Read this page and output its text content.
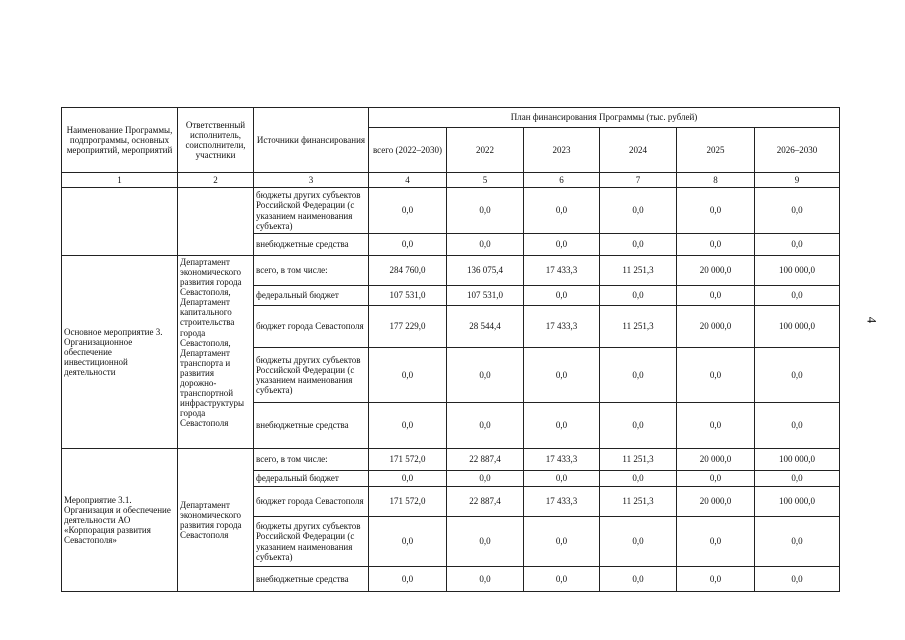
4
Наименование Программы, подпрограммы, основных мероприятий, мероприятий	Ответственный исполнитель, соисполнители, участники	Источники финансирования	План финансирования Программы (тыс. рублей)					
			всего (2022–2030)	2022	2023	2024	2025	2026–2030
1	2	3	4	5	6	7	8	9
		бюджеты других субъектов Российской Федерации (с указанием наименования субъекта)	0,0	0,0	0,0	0,0	0,0	0,0
		внебюджетные средства	0,0	0,0	0,0	0,0	0,0	0,0
Основное мероприятие 3. Организационное обеспечение инвестиционной деятельности	Департамент экономического развития города Севастополя, Департамент капитального строительства города Севастополя, Департамент транспорта и развития дорожно-транспортной инфраструктуры города Севастополя	всего, в том числе:	284 760,0	136 075,4	17 433,3	11 251,3	20 000,0	100 000,0
		федеральный бюджет	107 531,0	107 531,0	0,0	0,0	0,0	0,0
		бюджет города Севастополя	177 229,0	28 544,4	17 433,3	11 251,3	20 000,0	100 000,0
		бюджеты других субъектов Российской Федерации (с указанием наименования субъекта)	0,0	0,0	0,0	0,0	0,0	0,0
		внебюджетные средства	0,0	0,0	0,0	0,0	0,0	0,0
Мероприятие 3.1. Организация и обеспечение деятельности АО «Корпорация развития Севастополя»	Департамент экономического развития города Севастополя	всего, в том числе:	171 572,0	22 887,4	17 433,3	11 251,3	20 000,0	100 000,0
		федеральный бюджет	0,0	0,0	0,0	0,0	0,0	0,0
		бюджет города Севастополя	171 572,0	22 887,4	17 433,3	11 251,3	20 000,0	100 000,0
		бюджеты других субъектов Российской Федерации (с указанием наименования субъекта)	0,0	0,0	0,0	0,0	0,0	0,0
		внебюджетные средства	0,0	0,0	0,0	0,0	0,0	0,0
